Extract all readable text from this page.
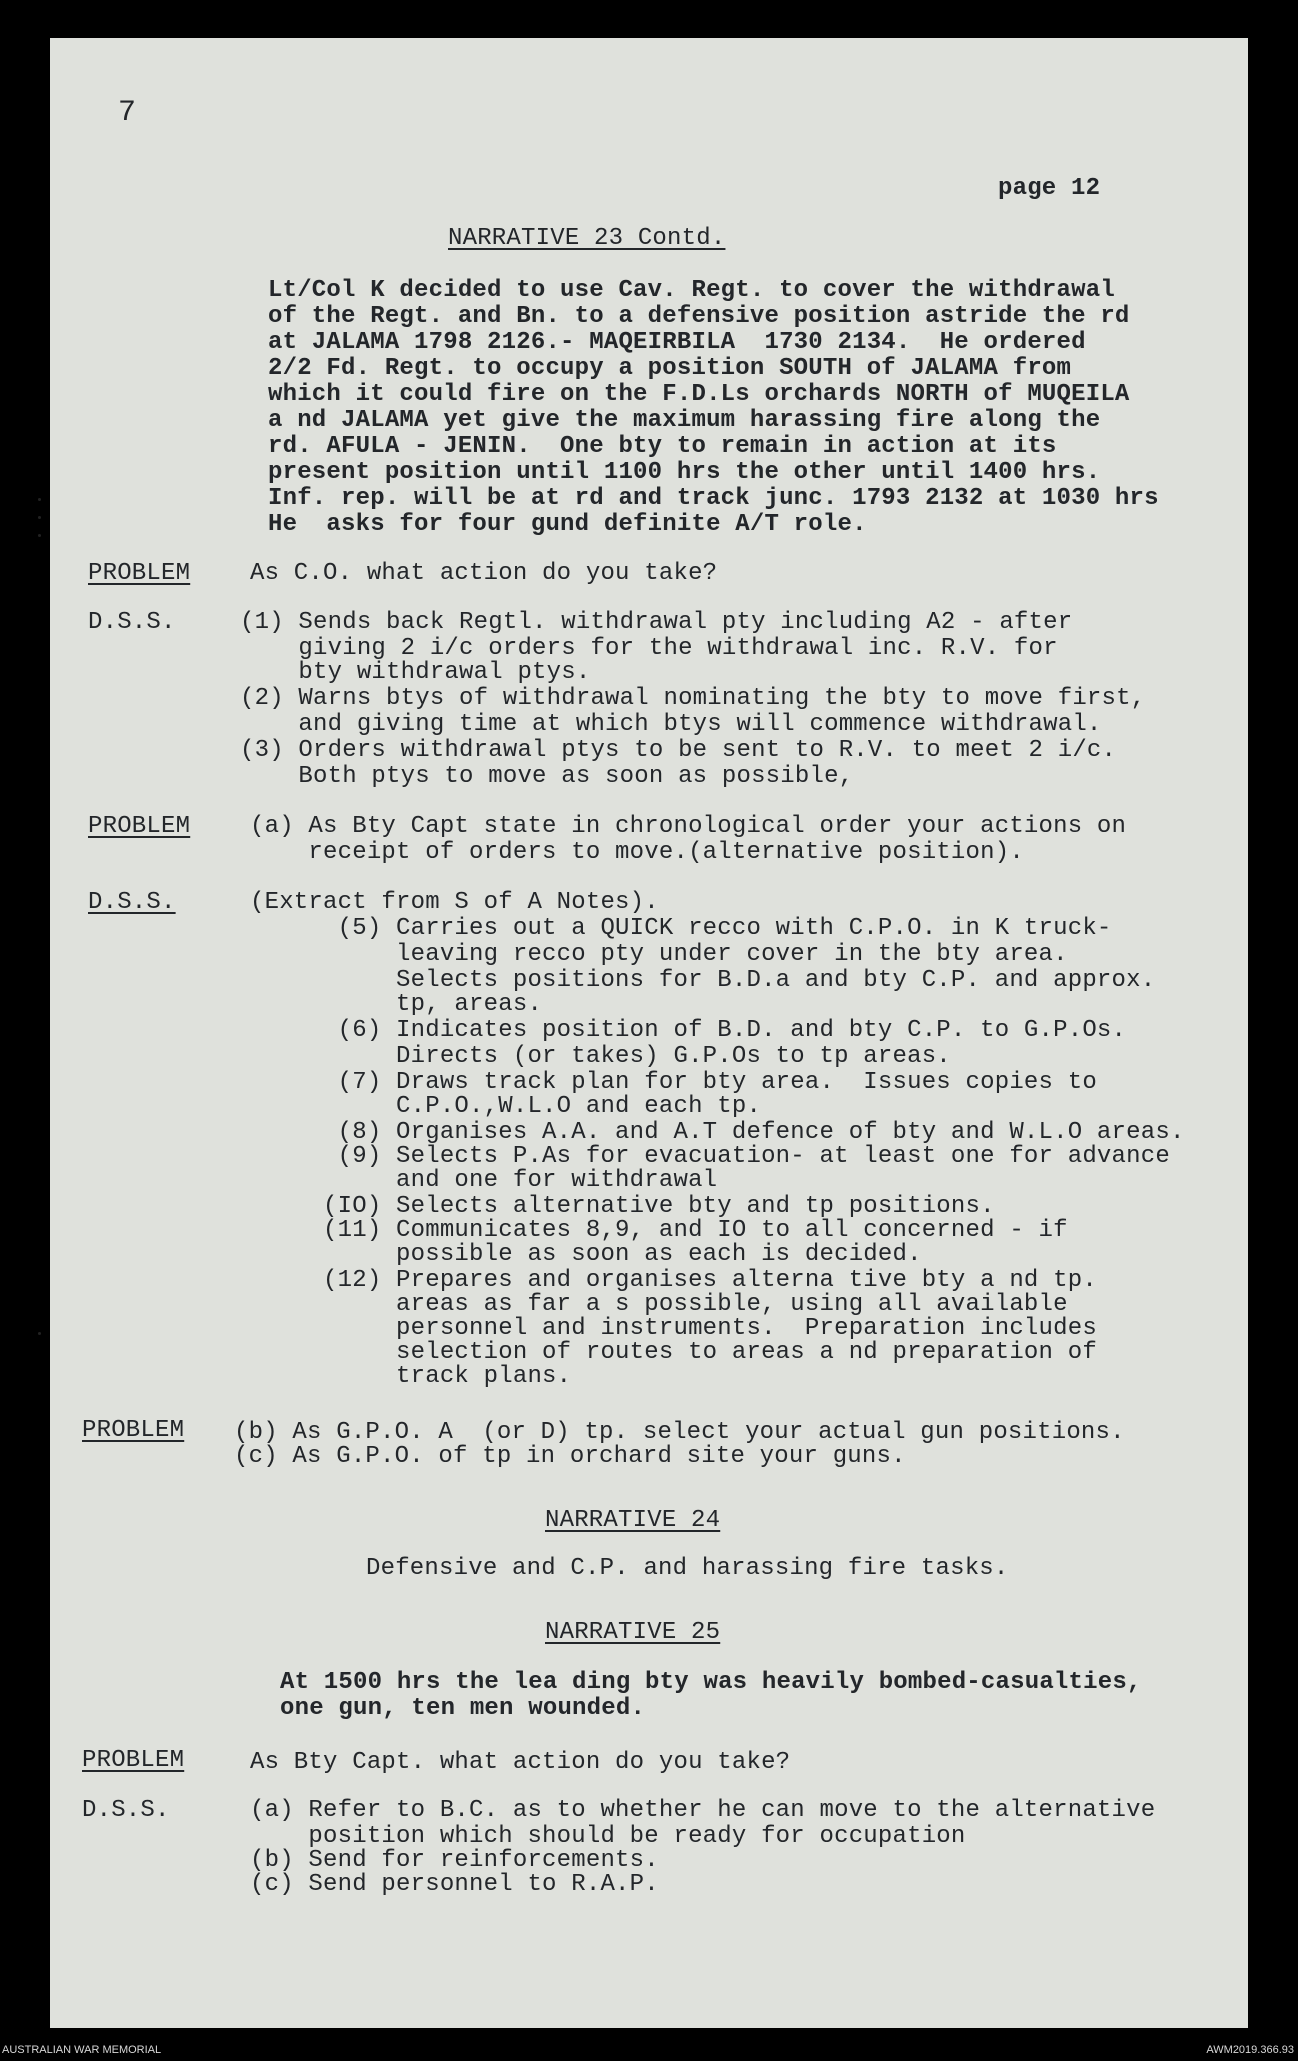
7
page 12
NARRATIVE 23 Contd.
Lt/Col K decided to use Cav. Regt. to cover the withdrawal
of the Regt. and Bn. to a defensive position astride the rd
at JALAMA 1798 2126.- MAQEIRBILA  1730 2134.  He ordered
2/2 Fd. Regt. to occupy a position SOUTH of JALAMA from
which it could fire on the F.D.Ls orchards NORTH of MUQEILA
a nd JALAMA yet give the maximum harassing fire along the
rd. AFULA - JENIN.  One bty to remain in action at its
present position until 1100 hrs the other until 1400 hrs.
Inf. rep. will be at rd and track junc. 1793 2132 at 1030 hrs
He  asks for four gund definite A/T role.
PROBLEM As C.O. what action do you take?
D.S.S.	(1) Sends back Regtl. withdrawal pty including A2 - after
giving 2 i/c orders for the withdrawal inc. R.V. for
bty withdrawal ptys.
(2) Warns btys of withdrawal nominating the bty to move first,
and giving time at which btys will commence withdrawal.
(3) Orders withdrawal ptys to be sent to R.V. to meet 2 i/c.
Both ptys to move as soon as possible,
PROBLEM (a) As Bty Capt state in chronological order your actions on
receipt of orders to move.(alternative position).
D.S.S.	(Extract from S of A Notes).
(5) Carries out a QUICK recco with C.P.O. in K truck-
leaving recco pty under cover in the bty area.
Selects positions for B.D.a and bty C.P. and approx.
tp, areas.
(6) Indicates position of B.D. and bty C.P. to G.P.Os.
Directs (or takes) G.P.Os to tp areas.
(7) Draws track plan for bty area.  Issues copies to
C.P.O.,W.L.O and each tp.
(8) Organises A.A. and A.T defence of bty and W.L.O areas.
(9) Selects P.As for evacuation- at least one for advance
and one for withdrawal
(IO) Selects alternative bty and tp positions.
(11) Communicates 8,9, and IO to all concerned - if
possible as soon as each is decided.
(12) Prepares and organises alterna tive bty a nd tp.
areas as far a s possible, using all available
personnel and instruments.  Preparation includes
selection of routes to areas a nd preparation of
track plans.
PROBLEM (b) As G.P.O. A  (or D) tp. select your actual gun positions.
(c) As G.P.O. of tp in orchard site your guns.
NARRATIVE 24
Defensive and C.P. and harassing fire tasks.
NARRATIVE 25
At 1500 hrs the lea ding bty was heavily bombed-casualties,
one gun, ten men wounded.
PROBLEM	As Bty Capt. what action do you take?
D.S.S.	(a) Refer to B.C. as to whether he can move to the alternative
position which should be ready for occupation
(b) Send for reinforcements.
(c) Send personnel to R.A.P.
AUSTRALIAN WAR MEMORIAL	AWM2019.366.93
